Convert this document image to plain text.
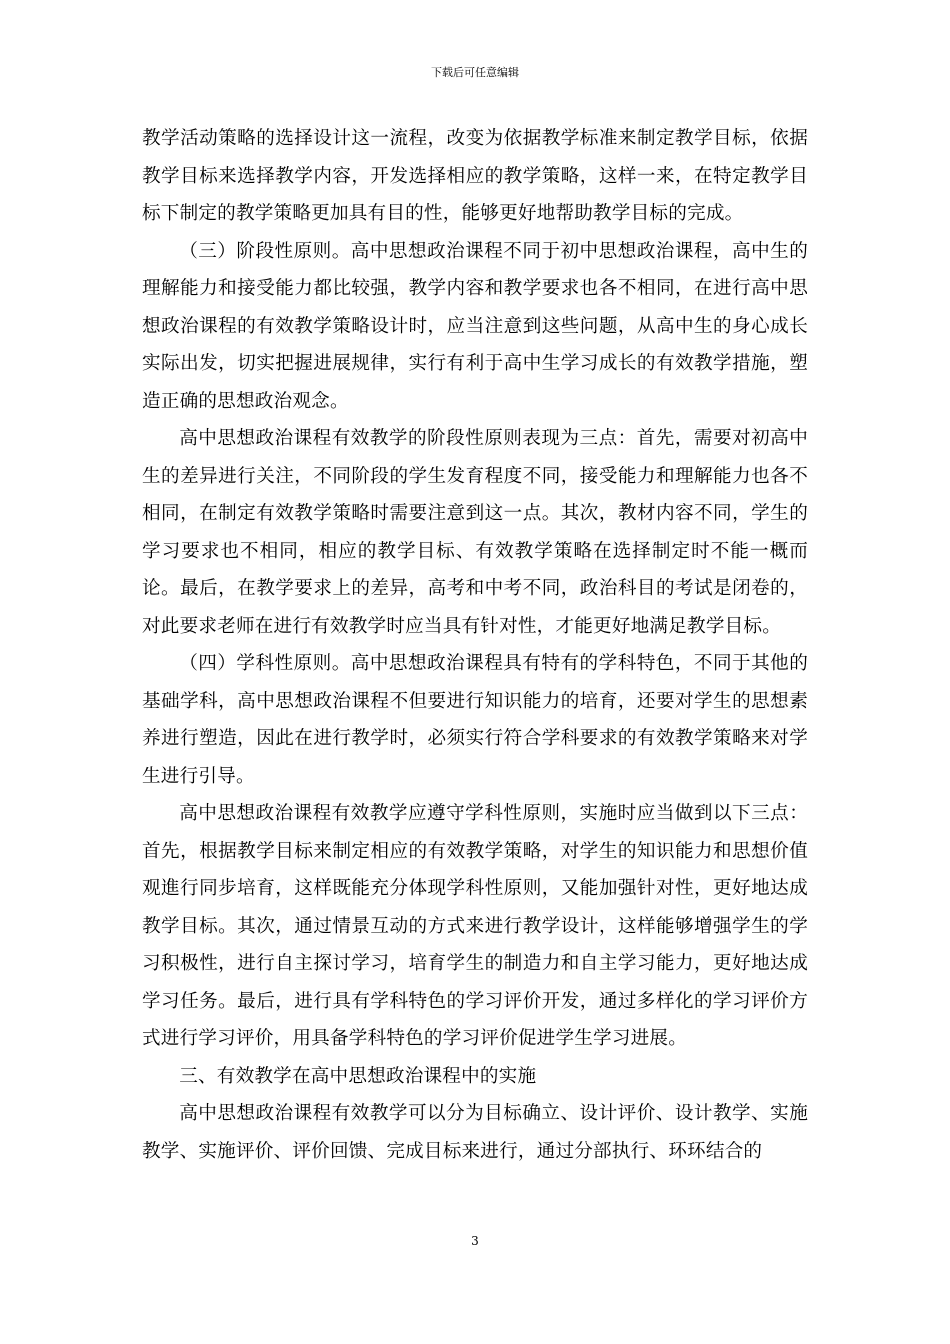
下载后可任意编辑

教学活动策略的选择设计这一流程，改变为依据教学标准来制定教学目标，依据教学目标来选择教学内容，开发选择相应的教学策略，这样一来，在特定教学目标下制定的教学策略更加具有目的性，能够更好地帮助教学目标的完成。

（三）阶段性原则。高中思想政治课程不同于初中思想政治课程，高中生的理解能力和接受能力都比较强，教学内容和教学要求也各不相同，在进行高中思想政治课程的有效教学策略设计时，应当注意到这些问题，从高中生的身心成长实际出发，切实把握进展规律，实行有利于高中生学习成长的有效教学措施，塑造正确的思想政治观念。

高中思想政治课程有效教学的阶段性原则表现为三点：首先，需要对初高中生的差异进行关注，不同阶段的学生发育程度不同，接受能力和理解能力也各不相同，在制定有效教学策略时需要注意到这一点。其次，教材内容不同，学生的学习要求也不相同，相应的教学目标、有效教学策略在选择制定时不能一概而论。最后，在教学要求上的差异，高考和中考不同，政治科目的考试是闭卷的，对此要求老师在进行有效教学时应当具有针对性，才能更好地满足教学目标。

（四）学科性原则。高中思想政治课程具有特有的学科特色，不同于其他的基础学科，高中思想政治课程不但要进行知识能力的培育，还要对学生的思想素养进行塑造，因此在进行教学时，必须实行符合学科要求的有效教学策略来对学生进行引导。

高中思想政治课程有效教学应遵守学科性原则，实施时应当做到以下三点：首先，根据教学目标来制定相应的有效教学策略，对学生的知识能力和思想价值观進行同步培育，这样既能充分体现学科性原则，又能加强针对性，更好地达成教学目标。其次，通过情景互动的方式来进行教学设计，这样能够增强学生的学习积极性，进行自主探讨学习，培育学生的制造力和自主学习能力，更好地达成学习任务。最后，进行具有学科特色的学习评价开发，通过多样化的学习评价方式进行学习评价，用具备学科特色的学习评价促进学生学习进展。

三、有效教学在高中思想政治课程中的实施

高中思想政治课程有效教学可以分为目标确立、设计评价、设计教学、实施教学、实施评价、评价回馈、完成目标来进行，通过分部执行、环环结合的

3
